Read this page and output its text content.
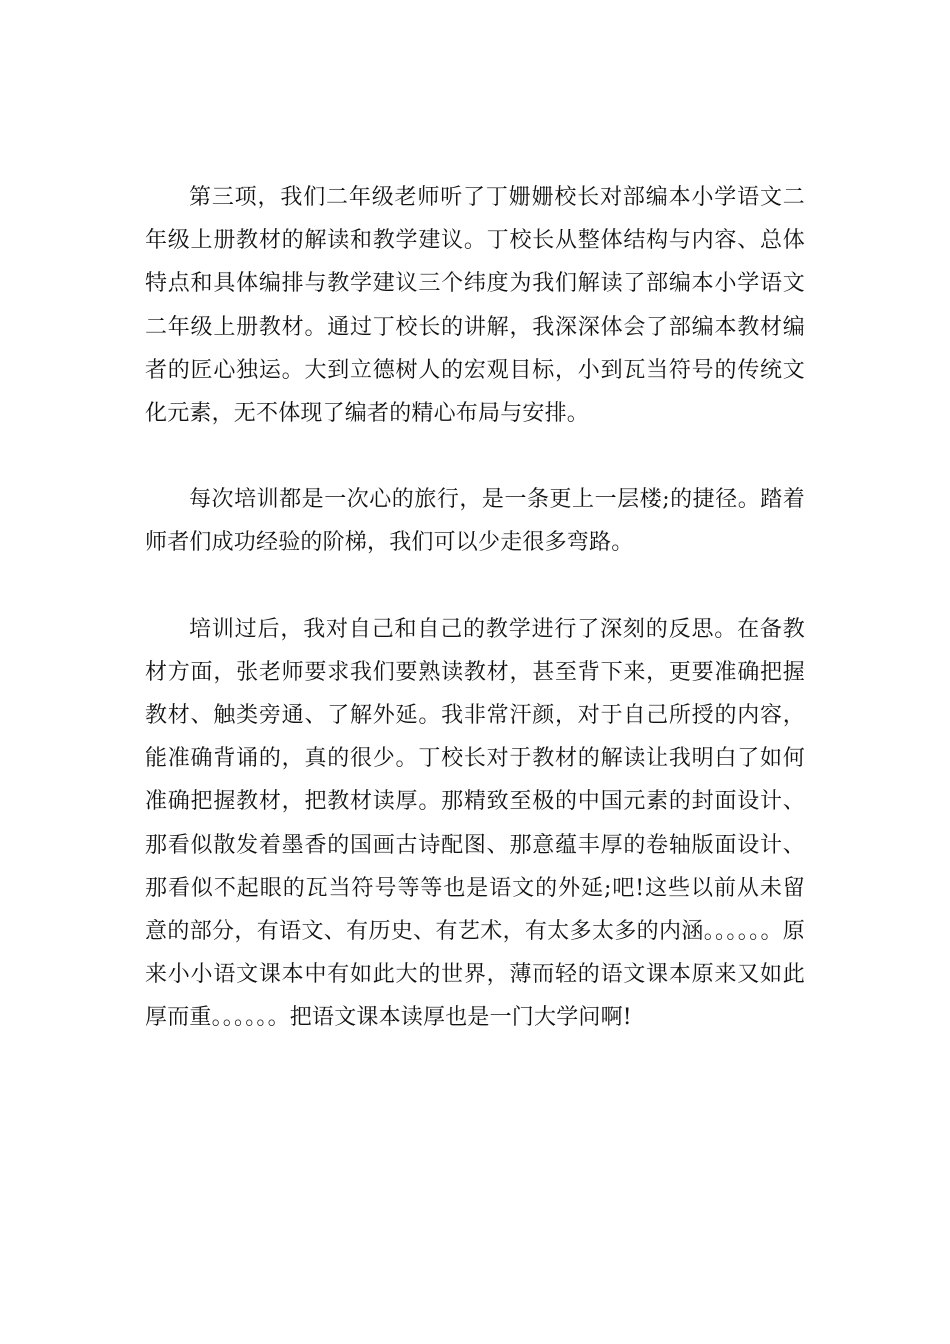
第三项，我们二年级老师听了丁姗姗校长对部编本小学语文二年级上册教材的解读和教学建议。丁校长从整体结构与内容、总体特点和具体编排与教学建议三个纬度为我们解读了部编本小学语文二年级上册教材。通过丁校长的讲解，我深深体会了部编本教材编者的匠心独运。大到立德树人的宏观目标，小到瓦当符号的传统文化元素，无不体现了编者的精心布局与安排。

每次培训都是一次心的旅行，是一条更上一层楼;的捷径。踏着师者们成功经验的阶梯，我们可以少走很多弯路。

培训过后，我对自己和自己的教学进行了深刻的反思。在备教材方面，张老师要求我们要熟读教材，甚至背下来，更要准确把握教材、触类旁通、了解外延。我非常汗颜，对于自己所授的内容，能准确背诵的，真的很少。丁校长对于教材的解读让我明白了如何准确把握教材，把教材读厚。那精致至极的中国元素的封面设计、那看似散发着墨香的国画古诗配图、那意蕴丰厚的卷轴版面设计、那看似不起眼的瓦当符号等等也是语文的外延;吧!这些以前从未留意的部分，有语文、有历史、有艺术，有太多太多的内涵。。。。。。原来小小语文课本中有如此大的世界，薄而轻的语文课本原来又如此厚而重。。。。。。把语文课本读厚也是一门大学问啊!
